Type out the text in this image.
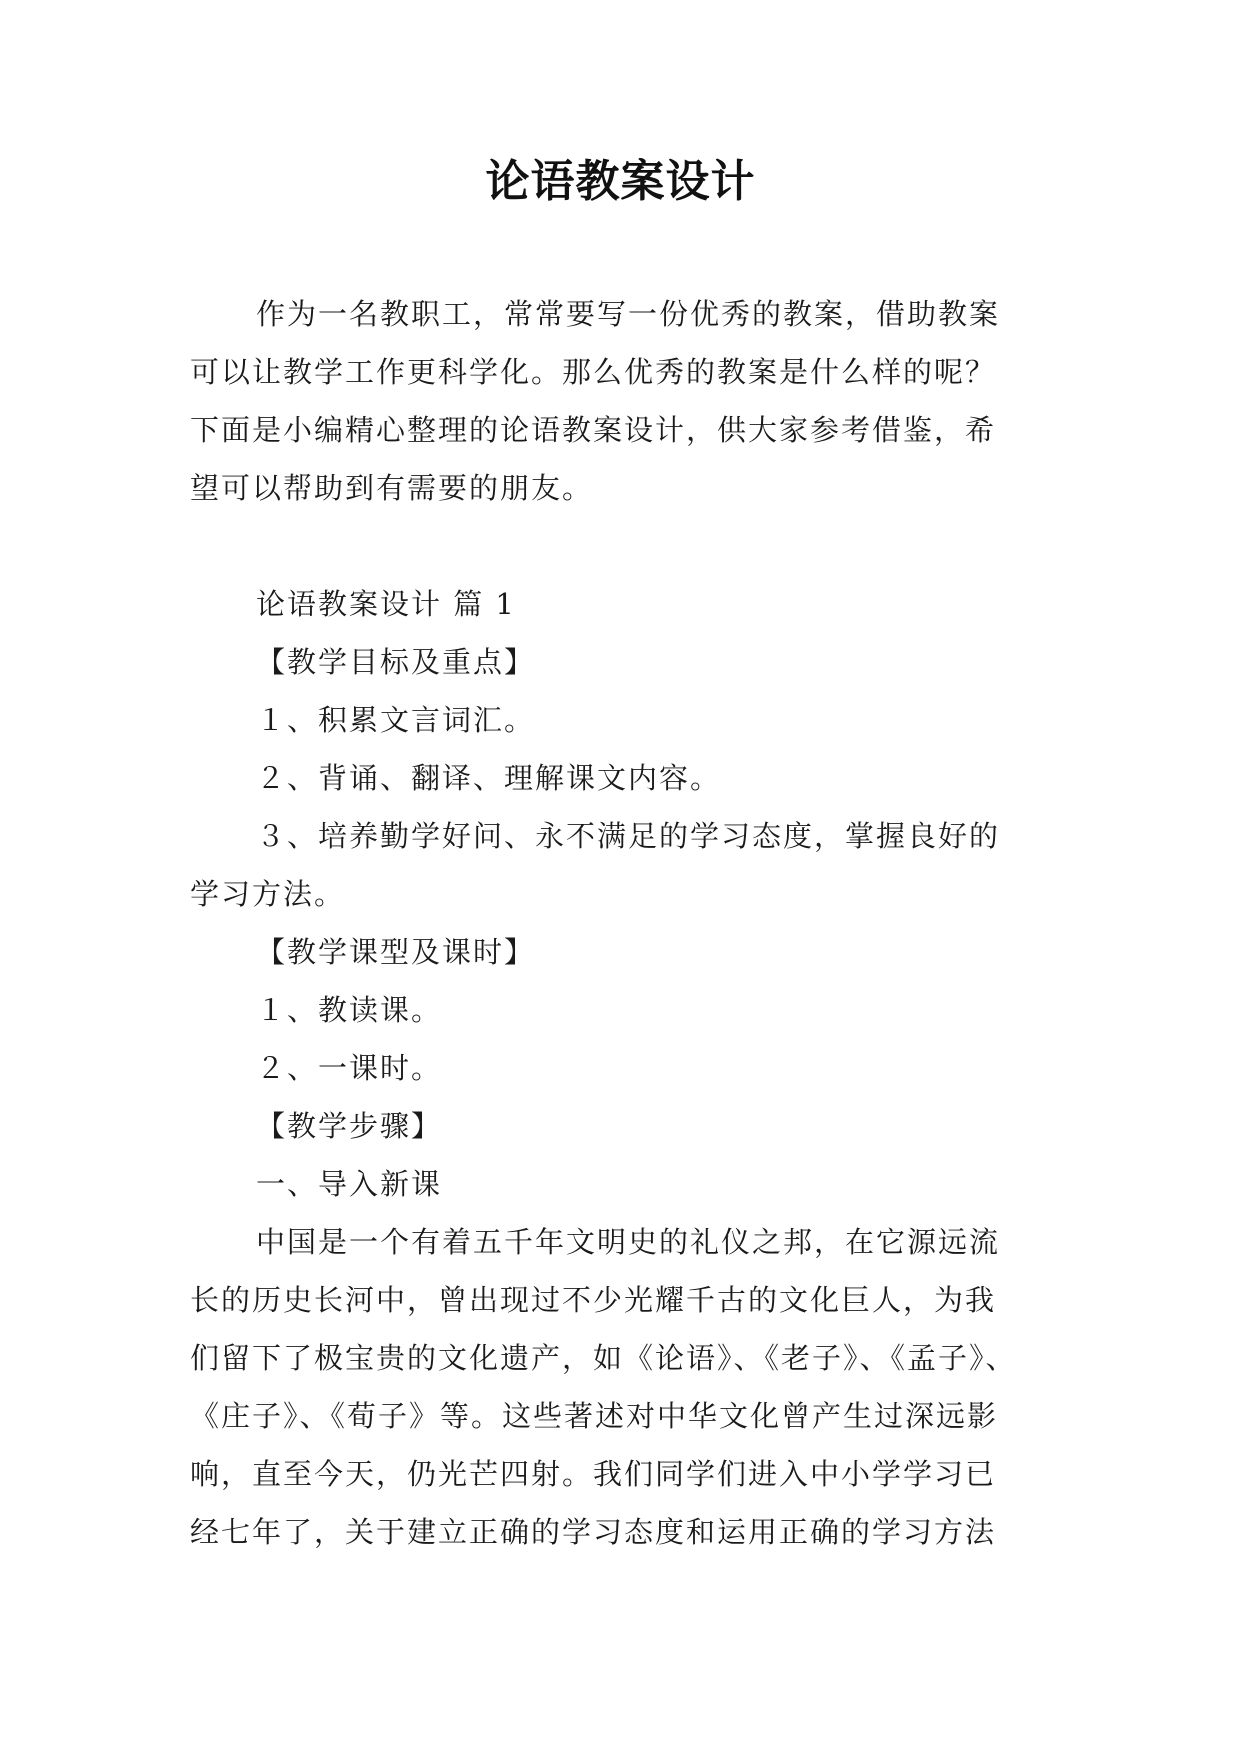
论语教案设计
作为一名教职工，常常要写一份优秀的教案，借助教案
可以让教学工作更科学化。那么优秀的教案是什么样的呢？
下面是小编精心整理的论语教案设计，供大家参考借鉴，希
望可以帮助到有需要的朋友。
论语教案设计 篇 1
【教学目标及重点】
１、积累文言词汇。
２、背诵、翻译、理解课文内容。
３、培养勤学好问、永不满足的学习态度，掌握良好的
学习方法。
【教学课型及课时】
１、教读课。
２、一课时。
【教学步骤】
一、导入新课
中国是一个有着五千年文明史的礼仪之邦，在它源远流
长的历史长河中，曾出现过不少光耀千古的文化巨人，为我
们留下了极宝贵的文化遗产，如《论语》、《老子》、《孟子》、
《庄子》、《荀子》等。这些著述对中华文化曾产生过深远影
响，直至今天，仍光芒四射。我们同学们进入中小学学习已
经七年了，关于建立正确的学习态度和运用正确的学习方法
